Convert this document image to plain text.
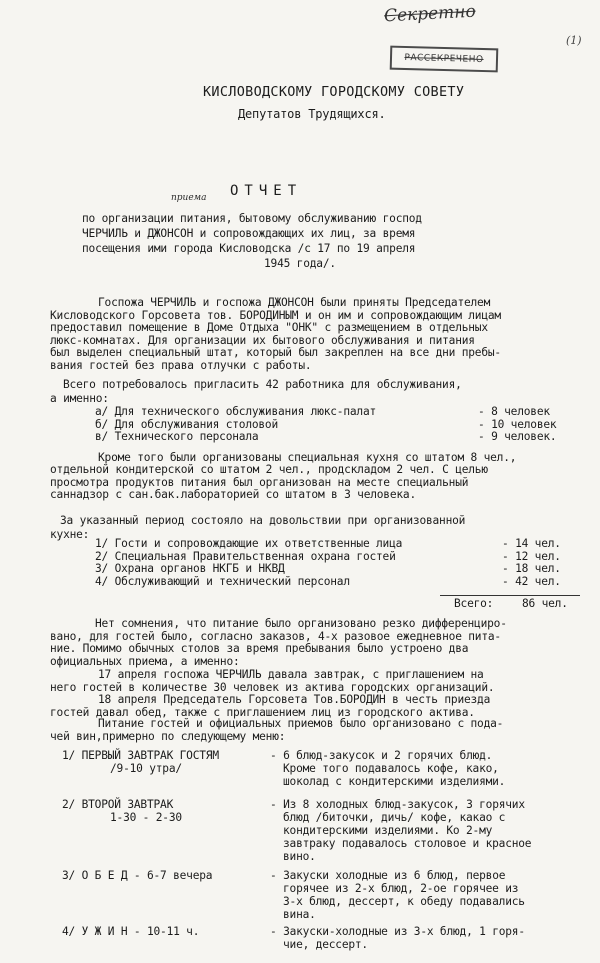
Секретно
(1)
РАССЕКРЕЧЕНО
КИСЛОВОДСКОМУ ГОРОДСКОМУ СОВЕТУ
Депутатов Трудящихся.
ОТЧЕТ
приема
по организации питания, бытовому обслуживанию господ
ЧЕРЧИЛЬ и ДЖОНСОН и сопровождающих их лиц, за время
посещения ими города Кисловодска /с 17 по 19 апреля
1945 года/.
Госпожа ЧЕРЧИЛЬ и госпожа ДЖОНСОН были приняты Председателем
Кисловодского Горсовета тов. БОРОДИНЫМ и он им и сопровождающим лицам
предоставил помещение в Доме Отдыха "ОНК" с размещением в отдельных
люкс-комнатах. Для организации их бытового обслуживания и питания
был выделен специальный штат, который был закреплен на все дни пребы-
вания гостей без права отлучки с работы.
Всего потребовалось пригласить 42 работника для обслуживания,
а именно:
а/ Для технического обслуживания люкс-палат	- 8 человек
б/ Для обслуживания столовой	- 10 человек
в/ Технического персонала	- 9 человек.
Кроме того были организованы специальная кухня со штатом 8 чел.,
отдельной кондитерской со штатом 2 чел., продскладом 2 чел. С целью
просмотра продуктов питания был организован на месте специальный
саннадзор с сан.бак.лабораторией со штатом в 3 человека.
За указанный период состояло на довольствии при организованной
кухне:
1/ Гости и сопровождающие их ответственные лица	- 14 чел.
2/ Специальная Правительственная охрана гостей	- 12 чел.
3/ Охрана органов НКГБ и НКВД	- 18 чел.
4/ Обслуживающий и технический персонал	- 42 чел.
Всего:	86 чел.
Нет сомнения, что питание было организовано резко дифференциро-
вано, для гостей было, согласно заказов, 4-х разовое ежедневное пита-
ние. Помимо обычных столов за время пребывания было устроено два
официальных приема, а именно:
17 апреля госпожа ЧЕРЧИЛЬ давала завтрак, с приглашением на
него гостей в количестве 30 человек из актива городских организаций.
18 апреля Председатель Горсовета Тов.БОРОДИН в честь приезда
гостей давал обед, также с приглашением лиц из городского актива.
Питание гостей и официальных приемов было организовано с пода-
чей вин,примерно по следующему меню:
1/ ПЕРВЫЙ ЗАВТРАК ГОСТЯМ
/9-10 утра/
- 6 блюд-закусок и 2 горячих блюд.
Кроме того подавалось кофе, како,
шоколад с кондитерскими изделиями.
2/ ВТОРОЙ ЗАВТРАК
1-30 - 2-30
- Из 8 холодных блюд-закусок, 3 горячих
блюд /биточки, дичь/ кофе, какао с
кондитерскими изделиями. Ко 2-му
завтраку подавалось столовое и красное
вино.
3/ О Б Е Д - 6-7 вечера	- Закуски холодные из 6 блюд, первое
горячее из 2-х блюд, 2-ое горячее из
3-х блюд, дессерт, к обеду подавались
вина.
4/ У Ж И Н - 10-11 ч.	- Закуски-холодные из 3-х блюд, 1 горя-
чие, дессерт.
